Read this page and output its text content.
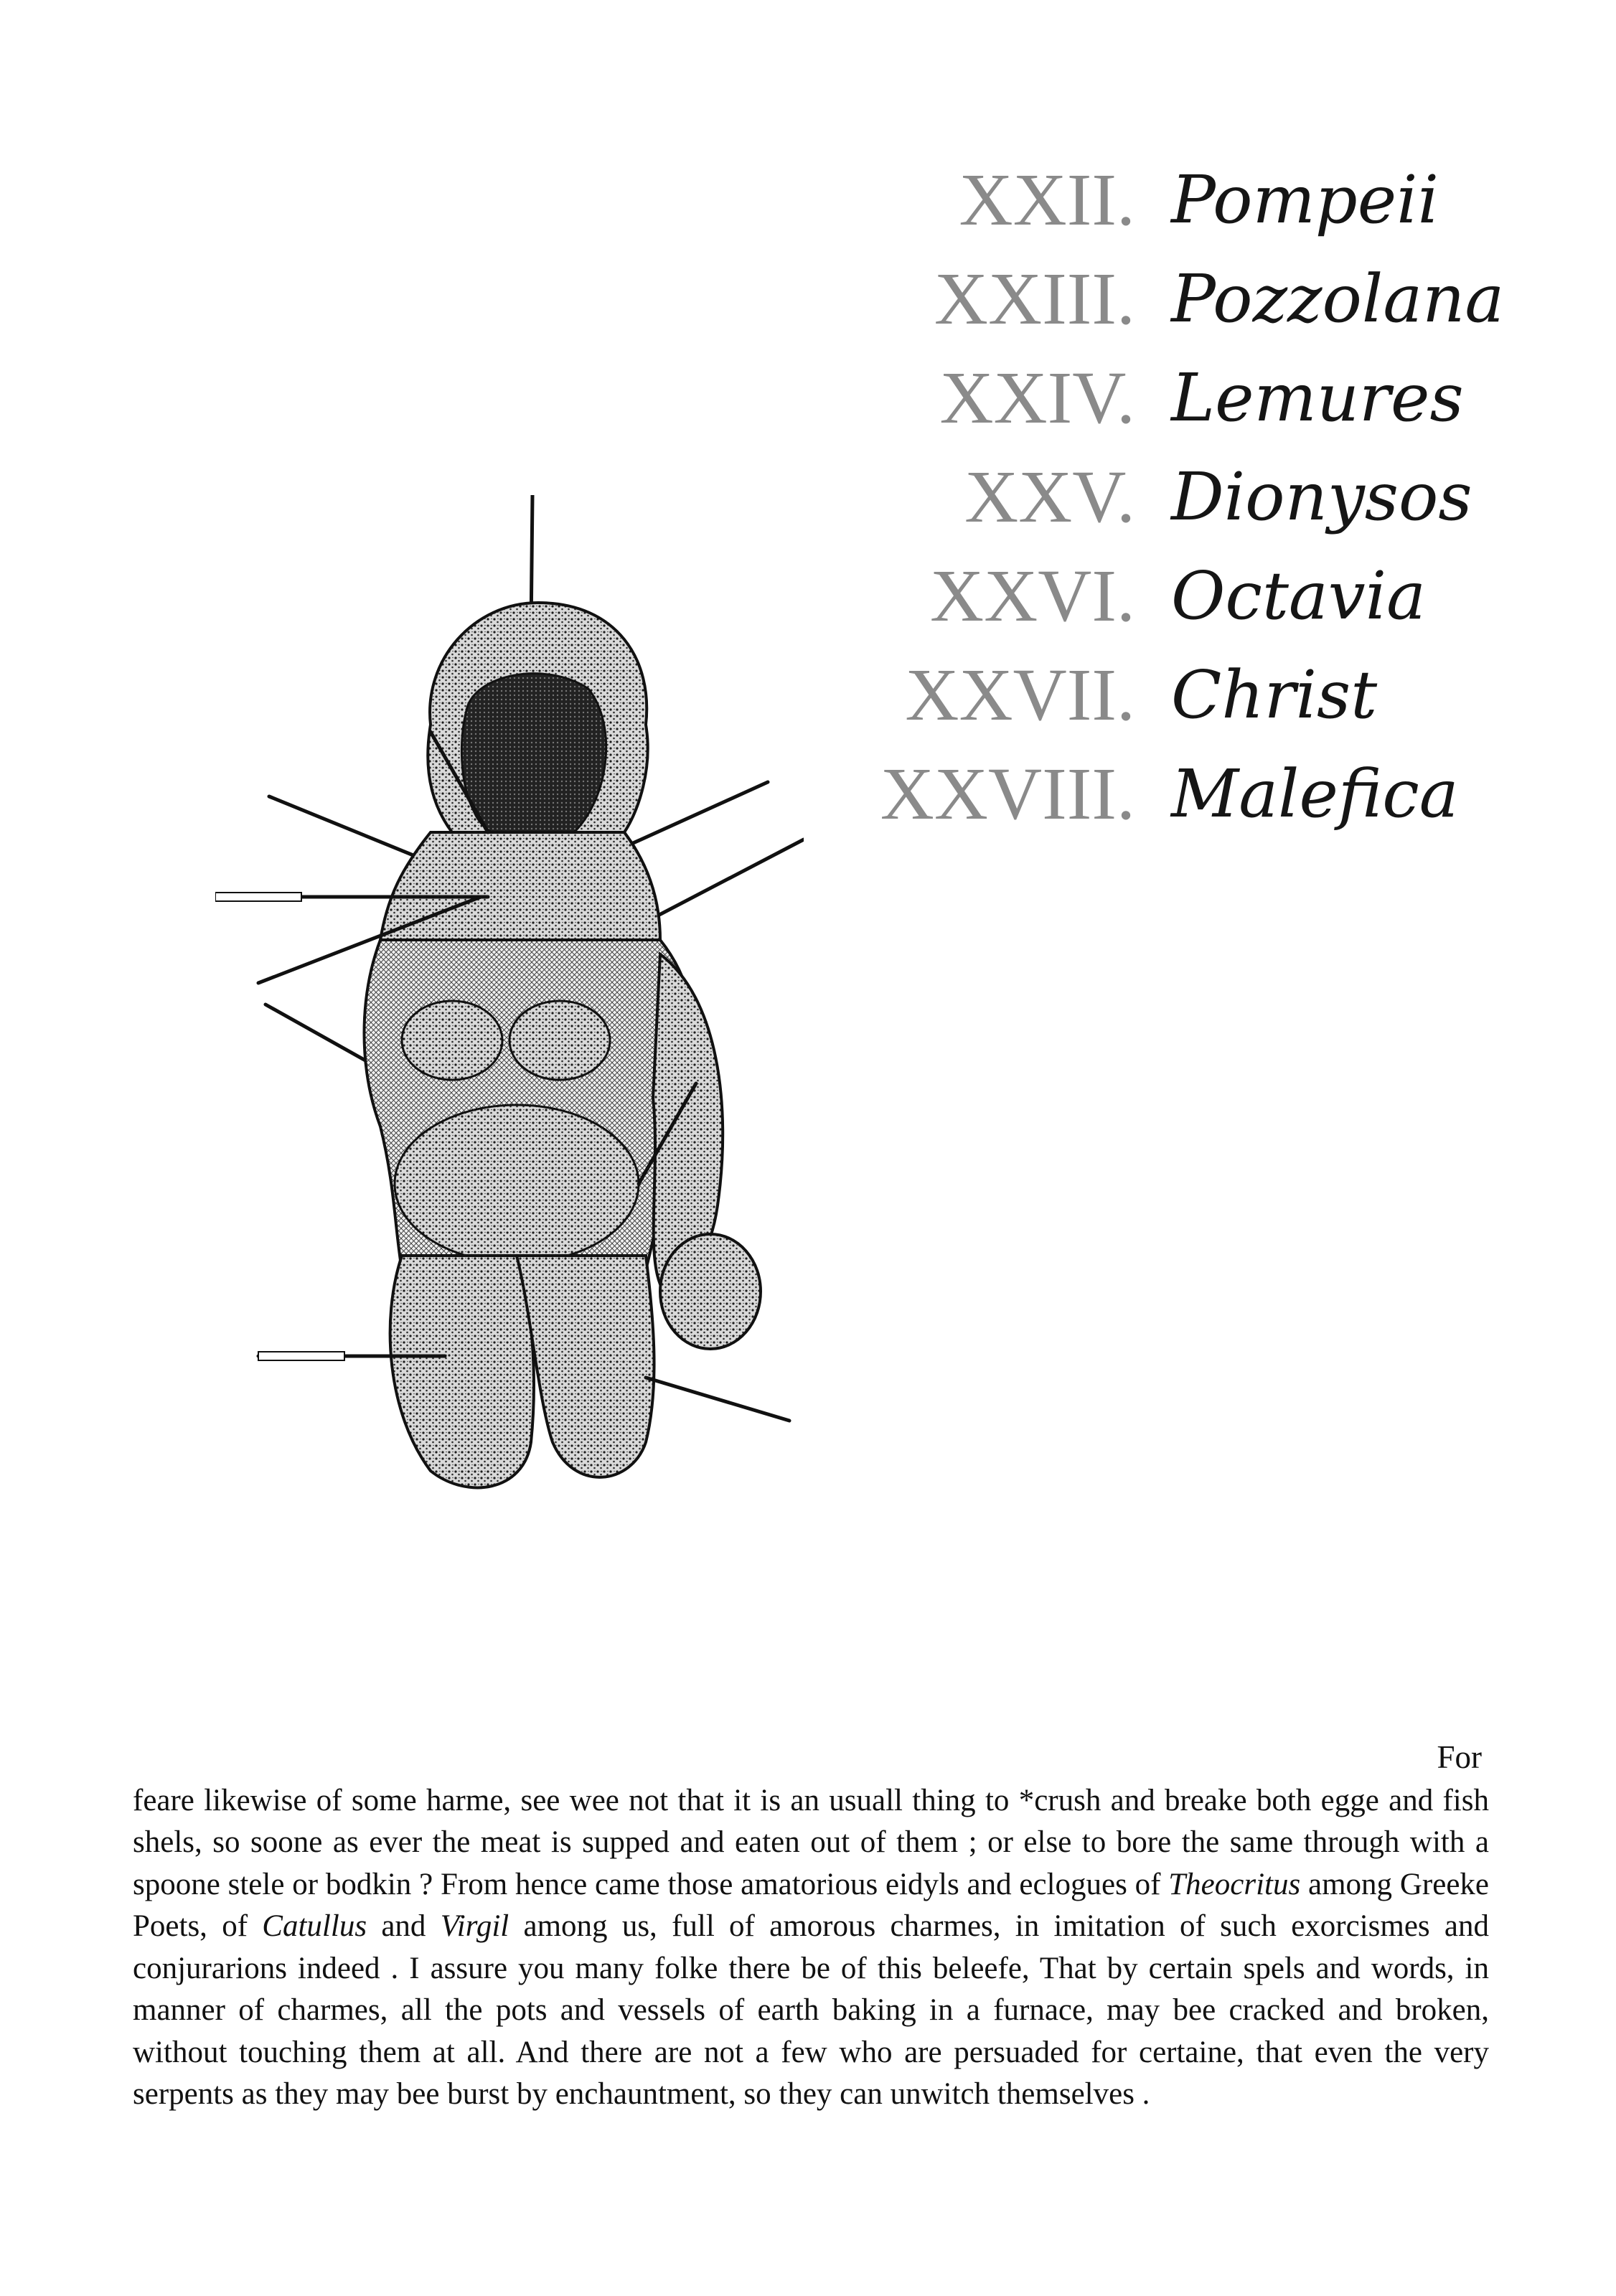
XXII. Pompeii
XXIII. Pozzolana
XXIV. Lemures
XXV. Dionysos
XXVI. Octavia
XXVII. Christ
XXVIII. Malefica

For

feare likewise of some harme, see wee not that it is an usuall thing to *crush and breake both egge and fish shels, so soone as ever the meat is supped and eaten out of them ; or else to bore the same through with a spoone stele or bodkin ? From hence came those amatorious eidyls and eclogues of Theocritus among Greeke Poets, of Catullus and Virgil among us, full of amorous charmes, in imitation of such exorcismes and conjurarions indeed . I assure you many folke there be of this beleefe, That by certain spels and words, in manner of charmes, all the pots and vessels of earth baking in a furnace, may bee cracked and broken, without touching them at all. And there are not a few who are persuaded for certaine, that even the very serpents as they may bee burst by enchauntment, so they can unwitch themselves .
